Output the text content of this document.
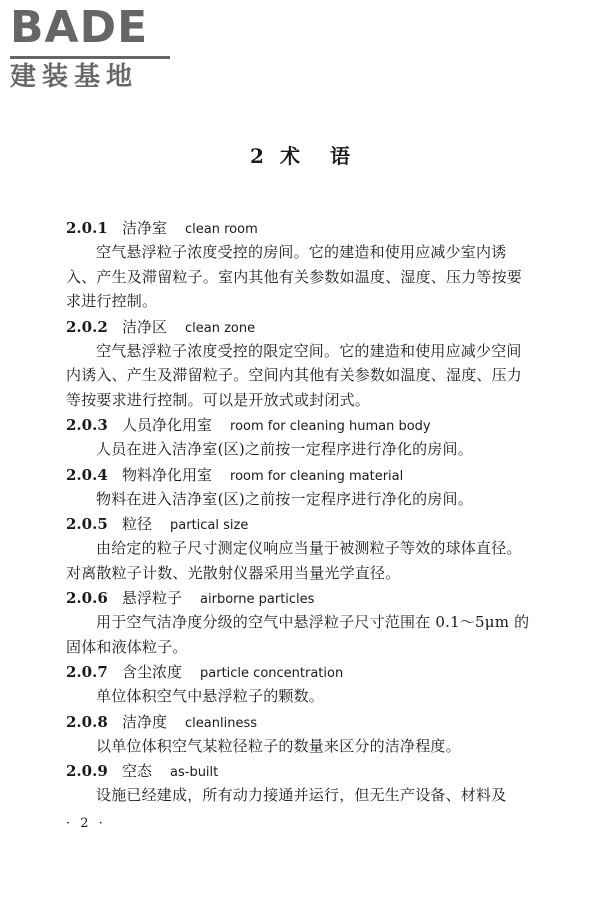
BADE
建装基地
2 术 语
2.0.1 洁净室 clean room

空气悬浮粒子浓度受控的房间。它的建造和使用应减少室内诱入、产生及滞留粒子。室内其他有关参数如温度、湿度、压力等按要求进行控制。

2.0.2 洁净区 clean zone

空气悬浮粒子浓度受控的限定空间。它的建造和使用应减少空间内诱入、产生及滞留粒子。空间内其他有关参数如温度、湿度、压力等按要求进行控制。可以是开放式或封闭式。

2.0.3 人员净化用室 room for cleaning human body

人员在进入洁净室(区)之前按一定程序进行净化的房间。

2.0.4 物料净化用室 room for cleaning material

物料在进入洁净室(区)之前按一定程序进行净化的房间。

2.0.5 粒径 partical size

由给定的粒子尺寸测定仪响应当量于被测粒子等效的球体直径。对离散粒子计数、光散射仪器采用当量光学直径。

2.0.6 悬浮粒子 airborne particles

用于空气洁净度分级的空气中悬浮粒子尺寸范围在 0.1～5μm 的固体和液体粒子。

2.0.7 含尘浓度 particle concentration

单位体积空气中悬浮粒子的颗数。

2.0.8 洁净度 cleanliness

以单位体积空气某粒径粒子的数量来区分的洁净程度。

2.0.9 空态 as-built

设施已经建成，所有动力接通并运行，但无生产设备、材料及

· 2 ·
